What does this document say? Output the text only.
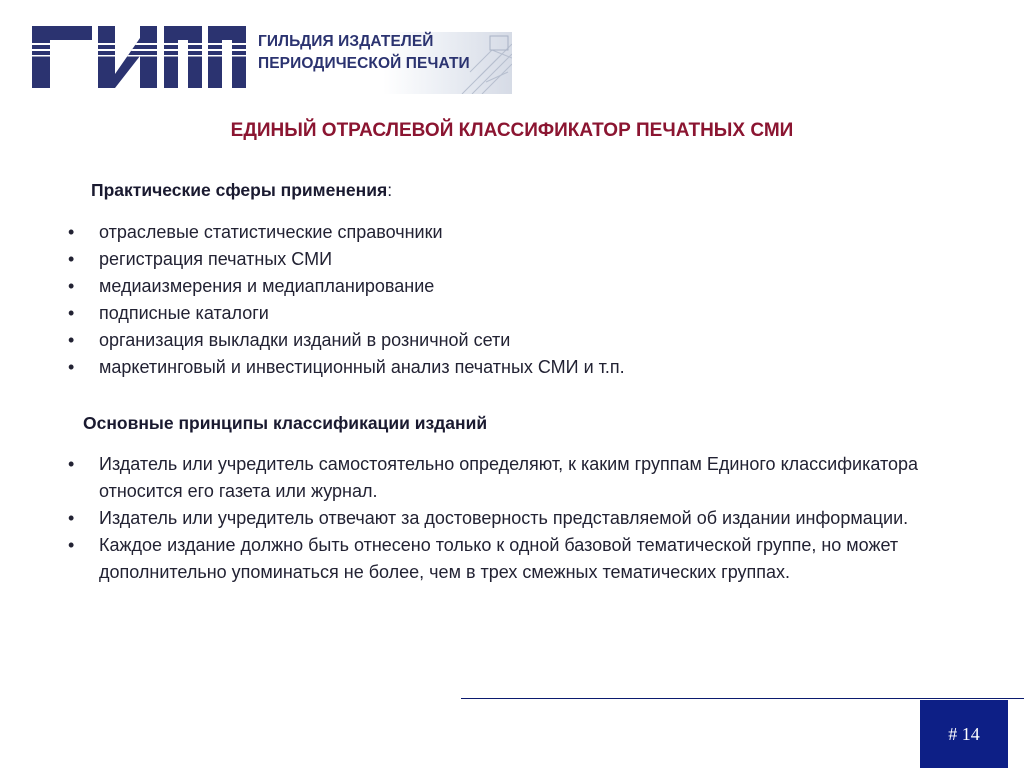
ГИЛЬДИЯ ИЗДАТЕЛЕЙ
ПЕРИОДИЧЕСКОЙ ПЕЧАТИ
ЕДИНЫЙ ОТРАСЛЕВОЙ КЛАССИФИКАТОР ПЕЧАТНЫХ СМИ
Практические сферы применения:
• отраслевые статистические справочники
• регистрация печатных СМИ
• медиаизмерения и медиапланирование
• подписные каталоги
• организация выкладки изданий в розничной сети
• маркетинговый и инвестиционный анализ печатных СМИ и т.п.
Основные принципы классификации изданий
• Издатель или учредитель самостоятельно определяют, к каким группам Единого классификатора относится его газета или журнал.
• Издатель или учредитель отвечают за достоверность представляемой об издании информации.
• Каждое издание должно быть отнесено только к одной базовой тематической группе, но может дополнительно упоминаться не более, чем в трех смежных тематических группах.
# 14
